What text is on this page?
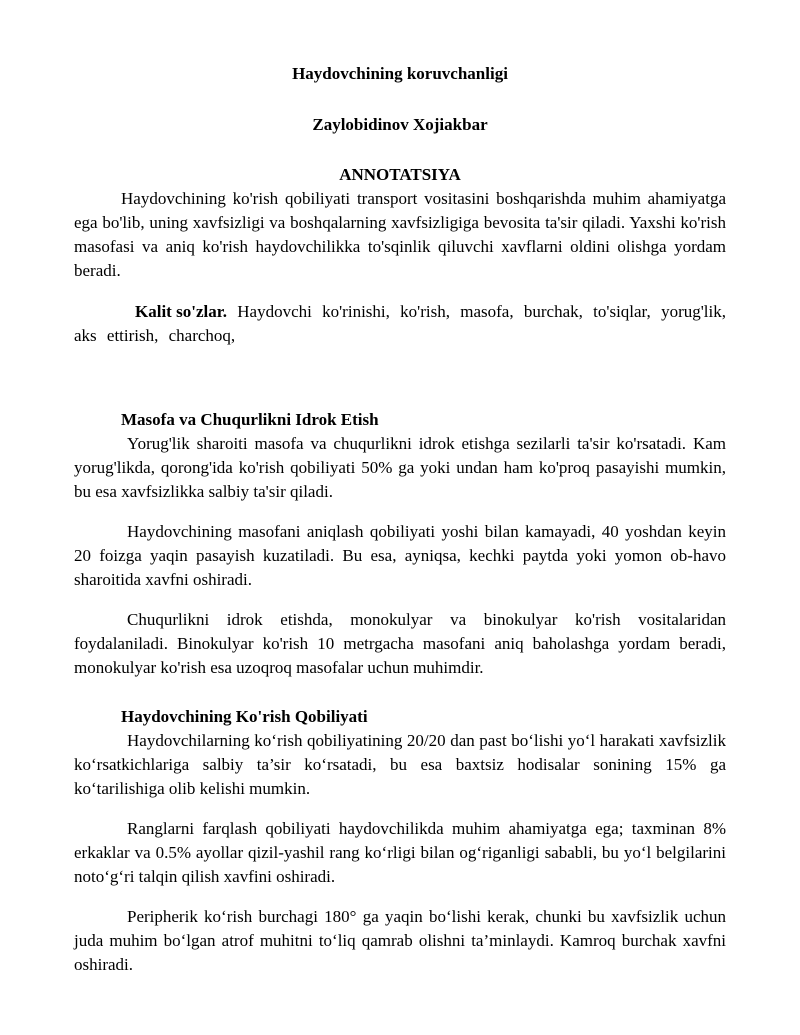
Haydovchining koruvchanligi

Zaylobidinov Xojiakbar

ANNOTATSIYA

Haydovchining ko'rish qobiliyati transport vositasini boshqarishda muhim ahamiyatga ega bo'lib, uning xavfsizligi va boshqalarning xavfsizligiga bevosita ta'sir qiladi. Yaxshi ko'rish masofasi va aniq ko'rish haydovchilikka to'sqinlik qiluvchi xavflarni oldini olishga yordam beradi.

Kalit so'zlar. Haydovchi ko'rinishi, ko'rish, masofa, burchak, to'siqlar, yorug'lik, aks ettirish, charchoq,

Masofa va Chuqurlikni Idrok Etish

Yorug'lik sharoiti masofa va chuqurlikni idrok etishga sezilarli ta'sir ko'rsatadi. Kam yorug'likda, qorong'ida ko'rish qobiliyati 50% ga yoki undan ham ko'proq pasayishi mumkin, bu esa xavfsizlikka salbiy ta'sir qiladi.

Haydovchining masofani aniqlash qobiliyati yoshi bilan kamayadi, 40 yoshdan keyin 20 foizga yaqin pasayish kuzatiladi. Bu esa, ayniqsa, kechki paytda yoki yomon ob-havo sharoitida xavfni oshiradi.

Chuqurlikni idrok etishda, monokulyar va binokulyar ko'rish vositalaridan foydalaniladi. Binokulyar ko'rish 10 metrgacha masofani aniq baholashga yordam beradi, monokulyar ko'rish esa uzoqroq masofalar uchun muhimdir.

Haydovchining Ko'rish Qobiliyati

Haydovchilarning ko‘rish qobiliyatining 20/20 dan past bo‘lishi yo‘l harakati xavfsizlik ko‘rsatkichlariga salbiy ta’sir ko‘rsatadi, bu esa baxtsiz hodisalar sonining 15% ga ko‘tarilishiga olib kelishi mumkin.

Ranglarni farqlash qobiliyati haydovchilikda muhim ahamiyatga ega; taxminan 8% erkaklar va 0.5% ayollar qizil-yashil rang ko‘rligi bilan og‘riganligi sababli, bu yo‘l belgilarini noto‘g‘ri talqin qilish xavfini oshiradi.

Peripherik ko‘rish burchagi 180° ga yaqin bo‘lishi kerak, chunki bu xavfsizlik uchun juda muhim bo‘lgan atrof muhitni to‘liq qamrab olishni ta’minlaydi. Kamroq burchak xavfni oshiradi.
